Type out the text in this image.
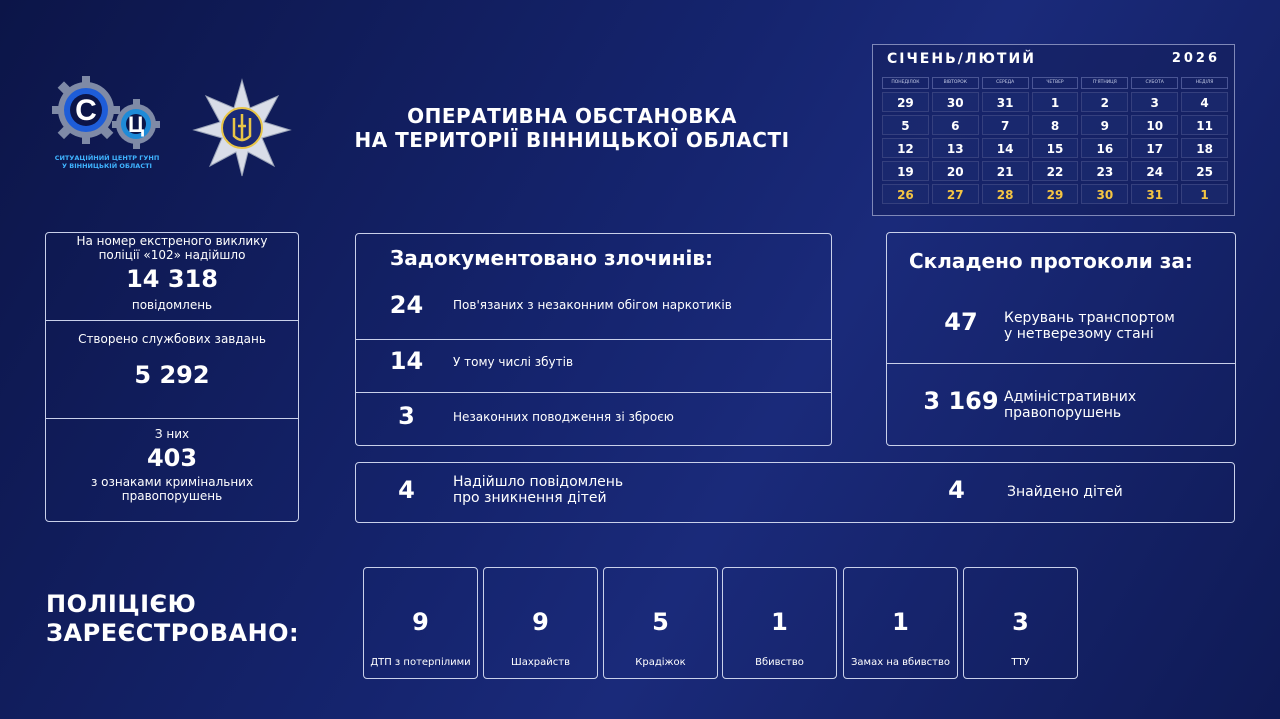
С Ц
СИТУАЦІЙНИЙ ЦЕНТР ГУНП
У ВІННИЦЬКІЙ ОБЛАСТІ
ОПЕРАТИВНА ОБСТАНОВКА
НА ТЕРИТОРІЇ ВІННИЦЬКОЇ ОБЛАСТІ
СІЧЕНЬ/ЛЮТИЙ	2026
ПОНЕДІЛОК	ВІВТОРОК	СЕРЕДА	ЧЕТВЕР	П'ЯТНИЦЯ	СУБОТА	НЕДІЛЯ
29	30	31	1	2	3	4
5	6	7	8	9	10	11
12	13	14	15	16	17	18
19	20	21	22	23	24	25
26	27	28	29	30	31	1
На номер екстреного виклику
поліції «102» надійшло
14 318
повідомлень
Створено службових завдань
5 292
З них
403
з ознаками кримінальних
правопорушень
Задокументовано злочинів:
24	Пов'язаних з незаконним обігом наркотиків
14	У тому числі збутів
3	Незаконних поводження зі зброєю
Складено протоколи за:
47	Керувань транспортом
у нетверезому стані
3 169 Адміністративних
правопорушень
4	Надійшло повідомлень
про зникнення дітей	4	Знайдено дітей
ПОЛІЦІЄЮ
ЗАРЕЄСТРОВАНО:	9
ДТП з потерпілими
9
Шахрайств
5
Крадіжок
1
Вбивство
1
Замах на вбивство
3
ТТУ
